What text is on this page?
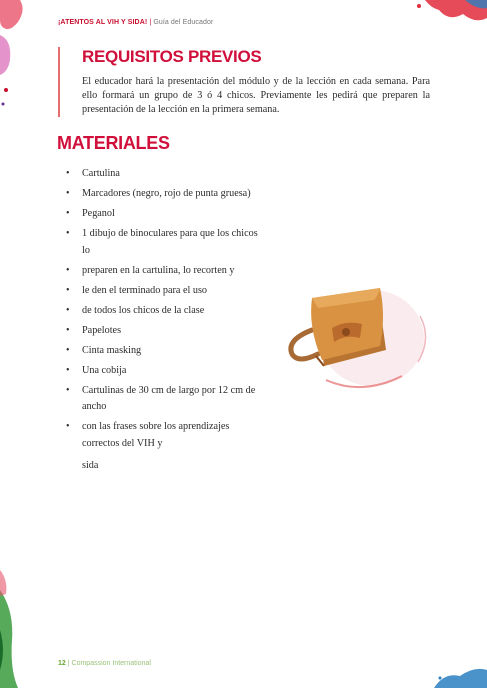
¡ATENTOS AL VIH Y SIDA! | Guía del Educador
REQUISITOS PREVIOS

El educador hará la presentación del módulo y de la lección en cada semana. Para ello formará un grupo de 3 ó 4 chicos. Previamente les pedirá que preparen la presentación de la lección en la primera semana.

MATERIALES
• Cartulina
• Marcadores (negro, rojo de punta gruesa)
• Peganol
• 1 dibujo de binoculares para que los chicos lo
• preparen en la cartulina, lo recorten y
• le den el terminado para el uso
• de todos los chicos de la clase
• Papelotes
• Cinta masking
• Una cobija
• Cartulinas de 30 cm de largo por 12 cm de ancho
• con las frases sobre los aprendizajes correctos del VIH y
sida
12 | Compassion International
